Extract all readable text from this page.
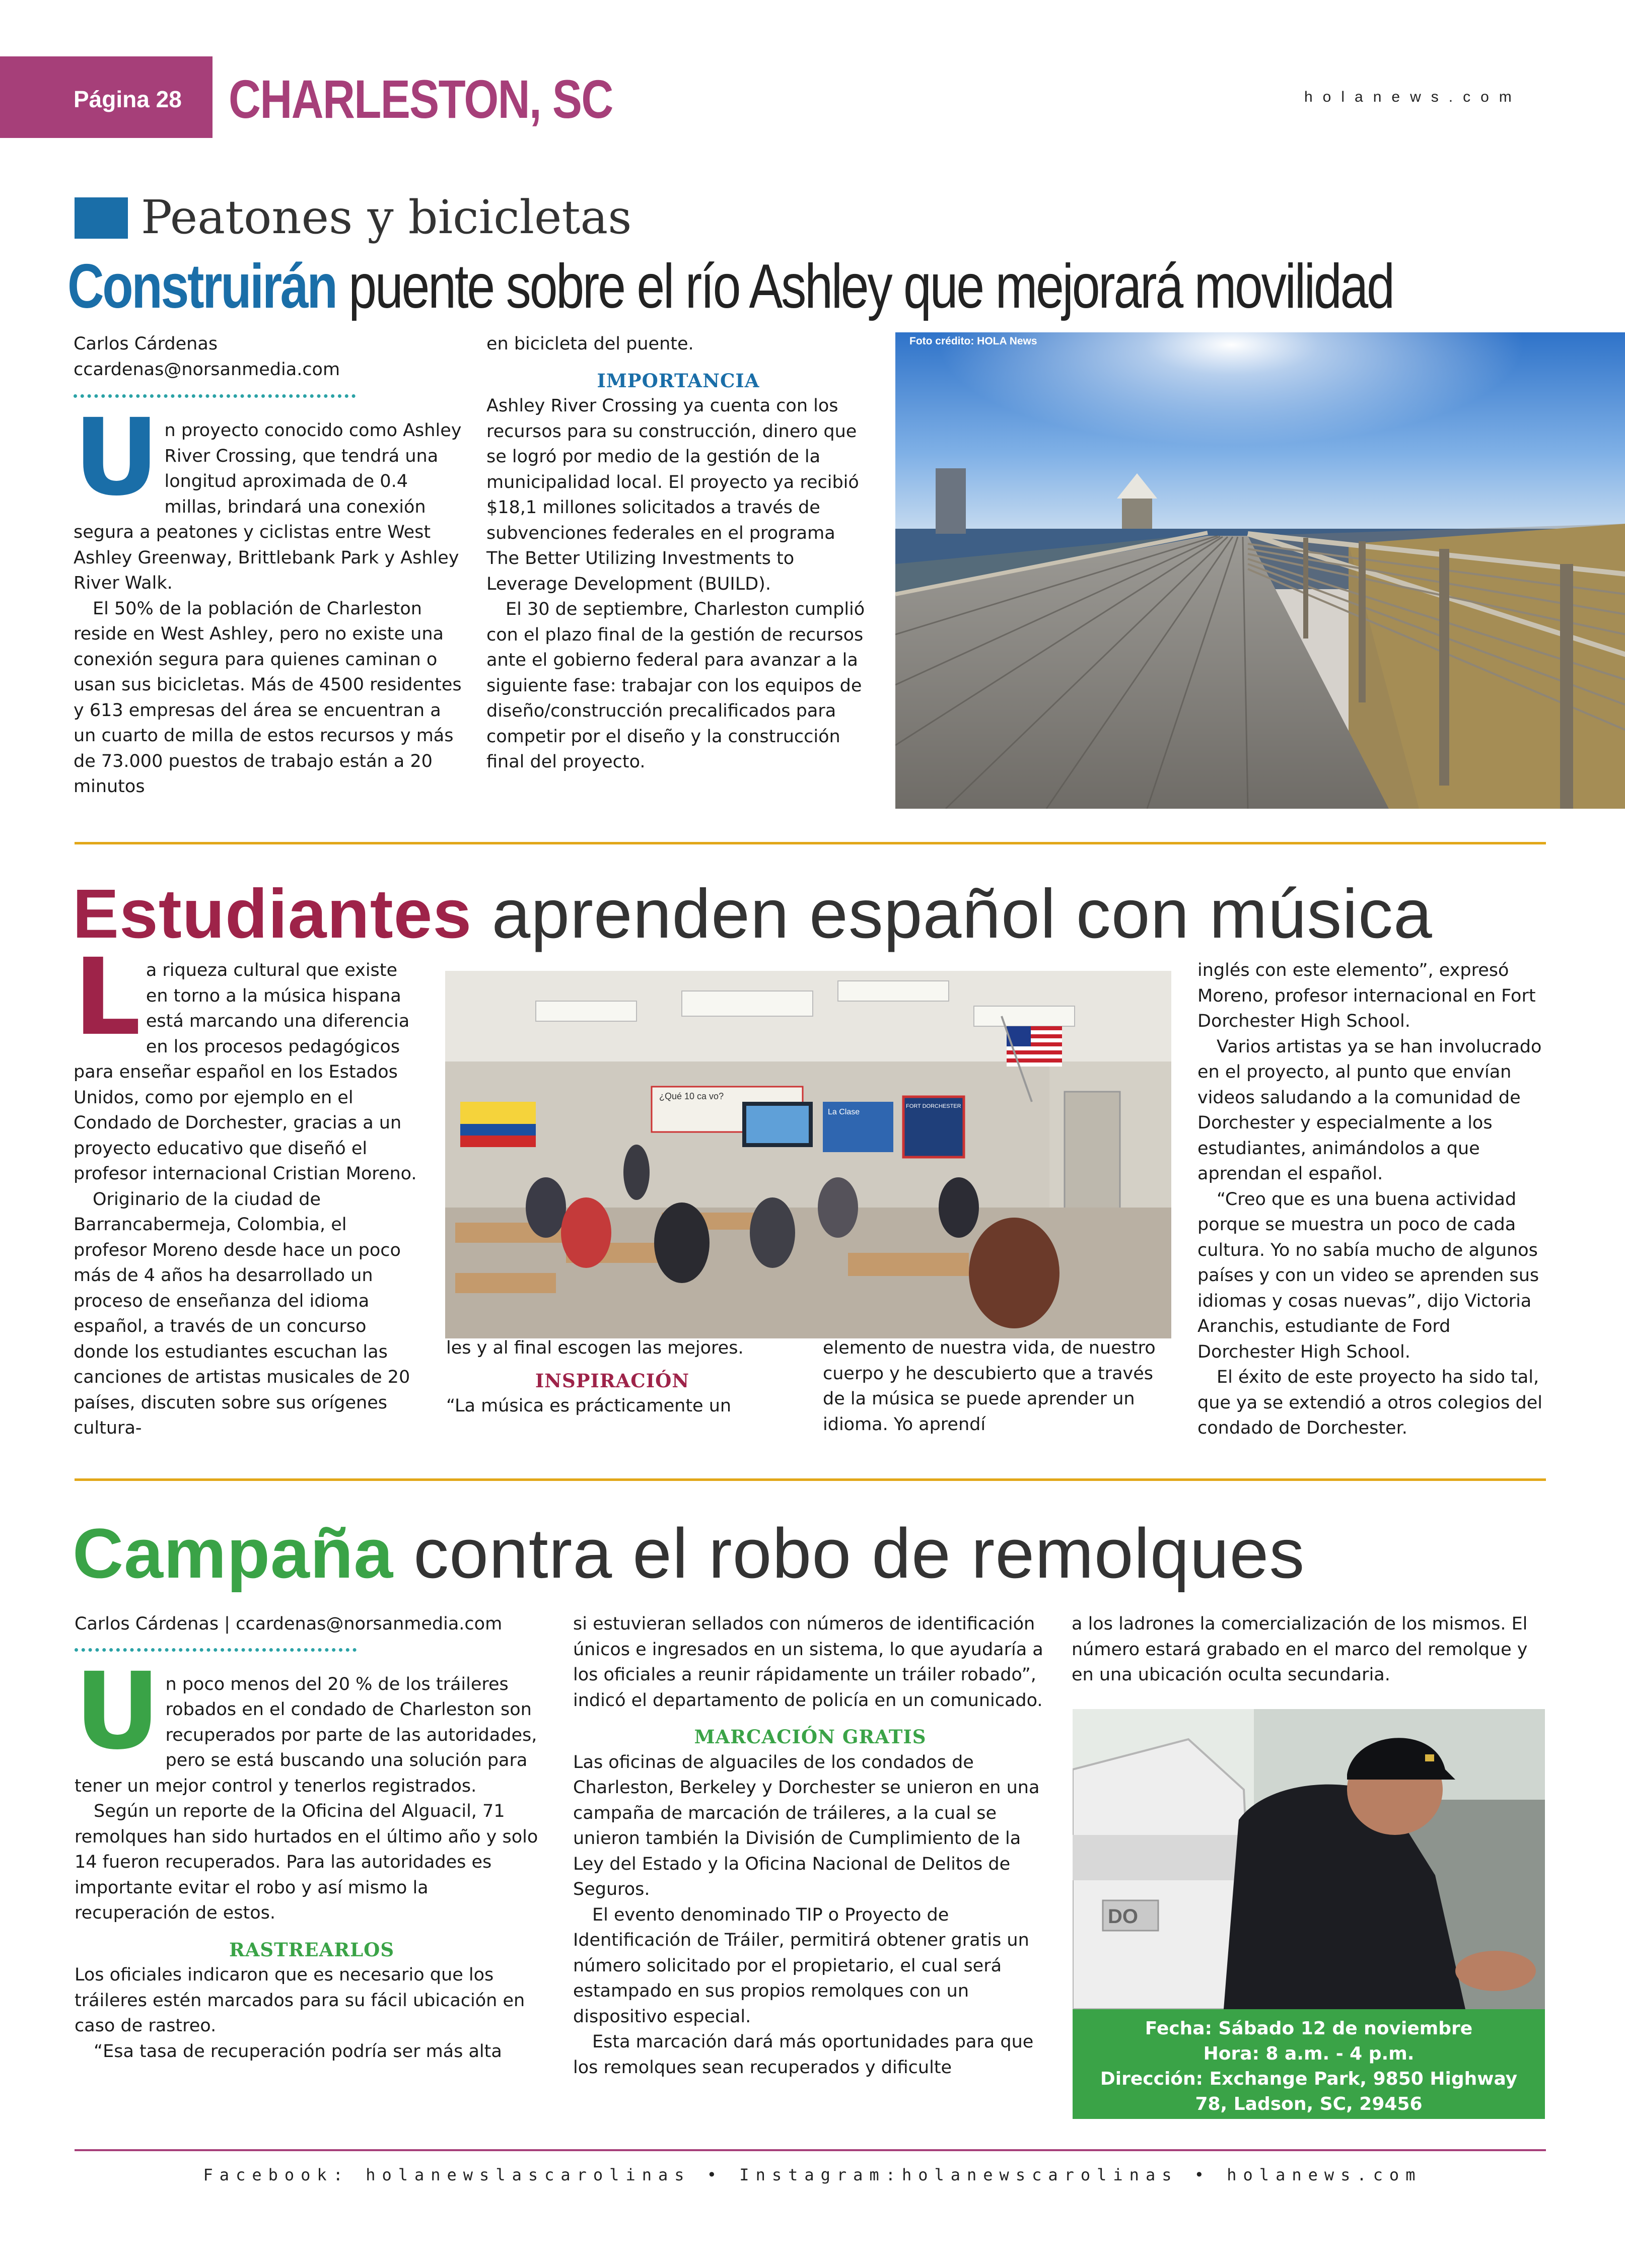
Página 28 CHARLESTON, SC	holanews.com
Peatones y bicicletas
Construirán puente sobre el río Ashley que mejorará movilidad

Carlos Cárdenas

ccardenas@norsanmedia.com

U n proyecto conocido como Ashley River Crossing, que tendrá una longitud aproximada de 0.4 millas, brindará una conexión segura a peatones y ciclistas entre West Ashley Greenway, Brittlebank Park y Ashley River Walk.

El 50% de la población de Charleston reside en West Ashley, pero no existe una conexión segura para quienes caminan o usan sus bicicletas. Más de 4500 residentes y 613 empresas del área se encuentran a un cuarto de milla de estos recursos y más de 73.000 puestos de trabajo están a 20 minutos

en bicicleta del puente.

IMPORTANCIA

Ashley River Crossing ya cuenta con los recursos para su construcción, dinero que se logró por medio de la gestión de la municipalidad local. El proyecto ya recibió $18,1 millones solicitados a través de subvenciones federales en el programa The Better Utilizing Investments to Leverage Development (BUILD).

El 30 de septiembre, Charleston cumplió con el plazo final de la gestión de recursos ante el gobierno federal para avanzar a la siguiente fase: trabajar con los equipos de diseño/construcción precalificados para competir por el diseño y la construcción final del proyecto.

Foto crédito: HOLA News
Estudiantes aprenden español con música
L a riqueza cultural que existe en torno a la música hispana está marcando una diferencia en los procesos pedagógicos para enseñar español en los Estados Unidos, como por ejemplo en el Condado de Dorchester, gracias a un proyecto educativo que diseñó el profesor internacional Cristian Moreno.

Originario de la ciudad de Barrancabermeja, Colombia, el profesor Moreno desde hace un poco más de 4 años ha desarrollado un proceso de enseñanza del idioma español, a través de un concurso donde los estudiantes escuchan las canciones de artistas musicales de 20 países, discuten sobre sus orígenes cultura-

¿Qué 10 ca vo?
La Clase
FORT DORCHESTER

les y al final escogen las mejores.

INSPIRACIÓN

“La música es prácticamente un

elemento de nuestra vida, de nuestro cuerpo y he descubierto que a través de la música se puede aprender un idioma. Yo aprendí

inglés con este elemento”, expresó Moreno, profesor internacional en Fort Dorchester High School.

Varios artistas ya se han involucrado en el proyecto, al punto que envían videos saludando a la comunidad de Dorchester y especialmente a los estudiantes, animándolos a que aprendan el español.

“Creo que es una buena actividad porque se muestra un poco de cada cultura. Yo no sabía mucho de algunos países y con un video se aprenden sus idiomas y cosas nuevas”, dijo Victoria Aranchis, estudiante de Ford Dorchester High School.

El éxito de este proyecto ha sido tal, que ya se extendió a otros colegios del condado de Dorchester.

Campaña contra el robo de remolques

Carlos Cárdenas | ccardenas@norsanmedia.com

U n poco menos del 20 % de los tráileres robados en el condado de Charleston son recuperados por parte de las autoridades, pero se está buscando una solución para tener un mejor control y tenerlos registrados.

Según un reporte de la Oficina del Alguacil, 71 remolques han sido hurtados en el último año y solo 14 fueron recuperados. Para las autoridades es importante evitar el robo y así mismo la recuperación de estos.

RASTREARLOS

Los oficiales indicaron que es necesario que los tráileres estén marcados para su fácil ubicación en caso de rastreo.

“Esa tasa de recuperación podría ser más alta

si estuvieran sellados con números de identificación únicos e ingresados en un sistema, lo que ayudaría a los oficiales a reunir rápidamente un tráiler robado”, indicó el departamento de policía en un comunicado.

MARCACIÓN GRATIS

Las oficinas de alguaciles de los condados de Charleston, Berkeley y Dorchester se unieron en una campaña de marcación de tráileres, a la cual se unieron también la División de Cumplimiento de la Ley del Estado y la Oficina Nacional de Delitos de Seguros.

El evento denominado TIP o Proyecto de Identificación de Tráiler, permitirá obtener gratis un número solicitado por el propietario, el cual será estampado en sus propios remolques con un dispositivo especial.

Esta marcación dará más oportunidades para que los remolques sean recuperados y dificulte

a los ladrones la comercialización de los mismos. El número estará grabado en el marco del remolque y en una ubicación oculta secundaria.

DO
Fecha: Sábado 12 de noviembre
Hora: 8 a.m. - 4 p.m.
Dirección: Exchange Park, 9850 Highway
78, Ladson, SC, 29456
Facebook: holanewslascarolinas • Instagram:holanewscarolinas • holanews.com
